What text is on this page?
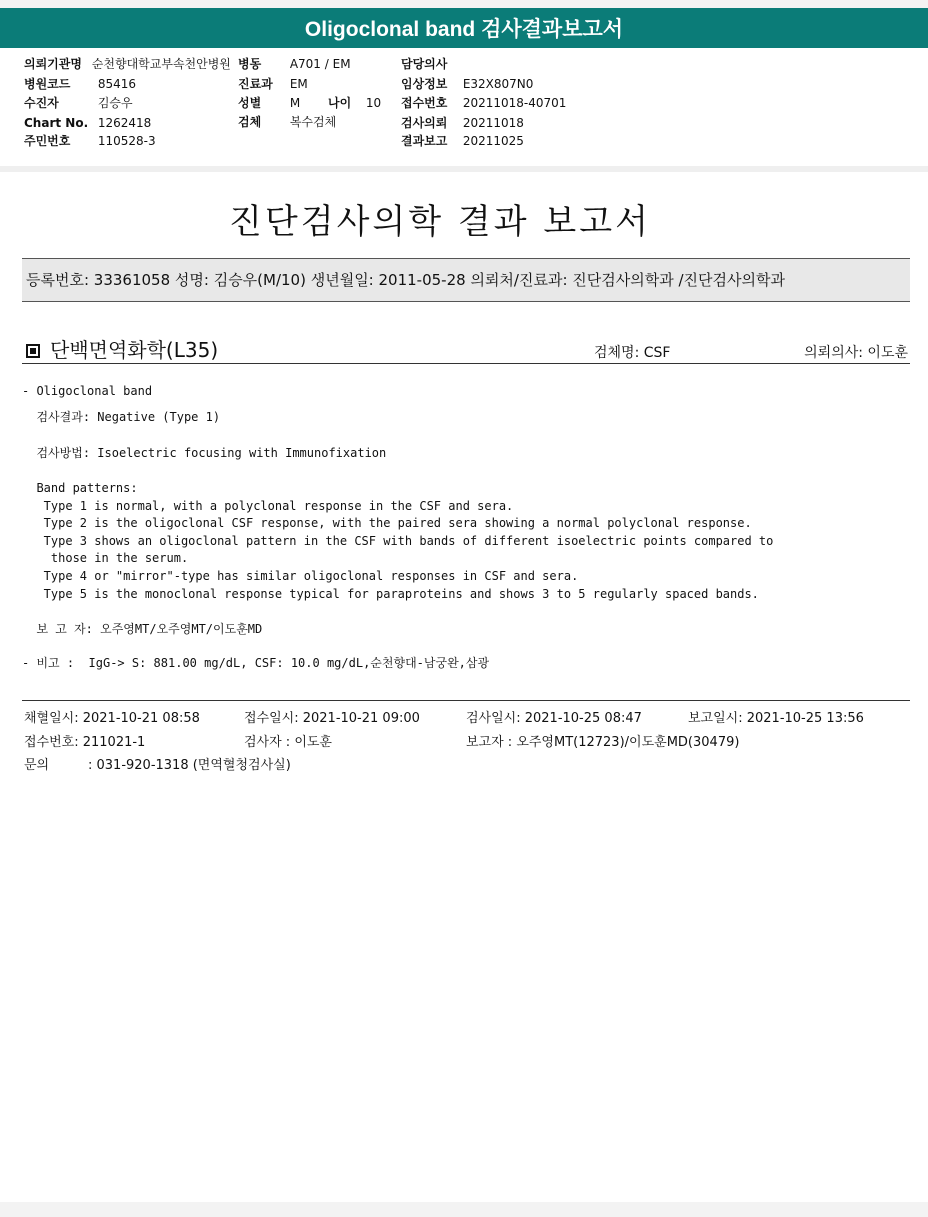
Oligoclonal band 검사결과보고서
의뢰기관명 순천향대학교부속천안병원
병원코드 85416
수진자	김승우
Chart No. 1262418
주민번호 110528-3
병동 A701 / EM
진료과 EM
성별 M 나이 10
검체 복수검체
담당의사
임상정보 E32X807N0
접수번호 20211018-40701
검사의뢰 20211018
결과보고 20211025
진단검사의학 결과 보고서
등록번호: 33361058 성명: 김승우(M/10) 생년월일: 2011-05-28 의뢰처/진료과: 진단검사의학과 /진단검사의학과
단백면역화학(L35)	검체명: CSF	의뢰의사: 이도훈
- Oligoclonal band
검사결과: Negative (Type 1)
검사방법: Isoelectric focusing with Immunofixation
Band patterns:
Type 1 is normal, with a polyclonal response in the CSF and sera.
Type 2 is the oligoclonal CSF response, with the paired sera showing a normal polyclonal response.
Type 3 shows an oligoclonal pattern in the CSF with bands of different isoelectric points compared to
those in the serum.
Type 4 or "mirror"-type has similar oligoclonal responses in CSF and sera.
Type 5 is the monoclonal response typical for paraproteins and shows 3 to 5 regularly spaced bands.
보 고 자: 오주영MT/오주영MT/이도훈MD
- 비고 :  IgG-> S: 881.00 mg/dL, CSF: 10.0 mg/dL,순천향대-남궁완,삼광
채혈일시: 2021-10-21 08:58	접수일시: 2021-10-21 09:00	검사일시: 2021-10-25 08:47	보고일시: 2021-10-25 13:56
접수번호: 211021-1	검사자 : 이도훈	보고자 : 오주영MT(12723)/이도훈MD(30479)
문의	: 031-920-1318 (면역혈청검사실)
